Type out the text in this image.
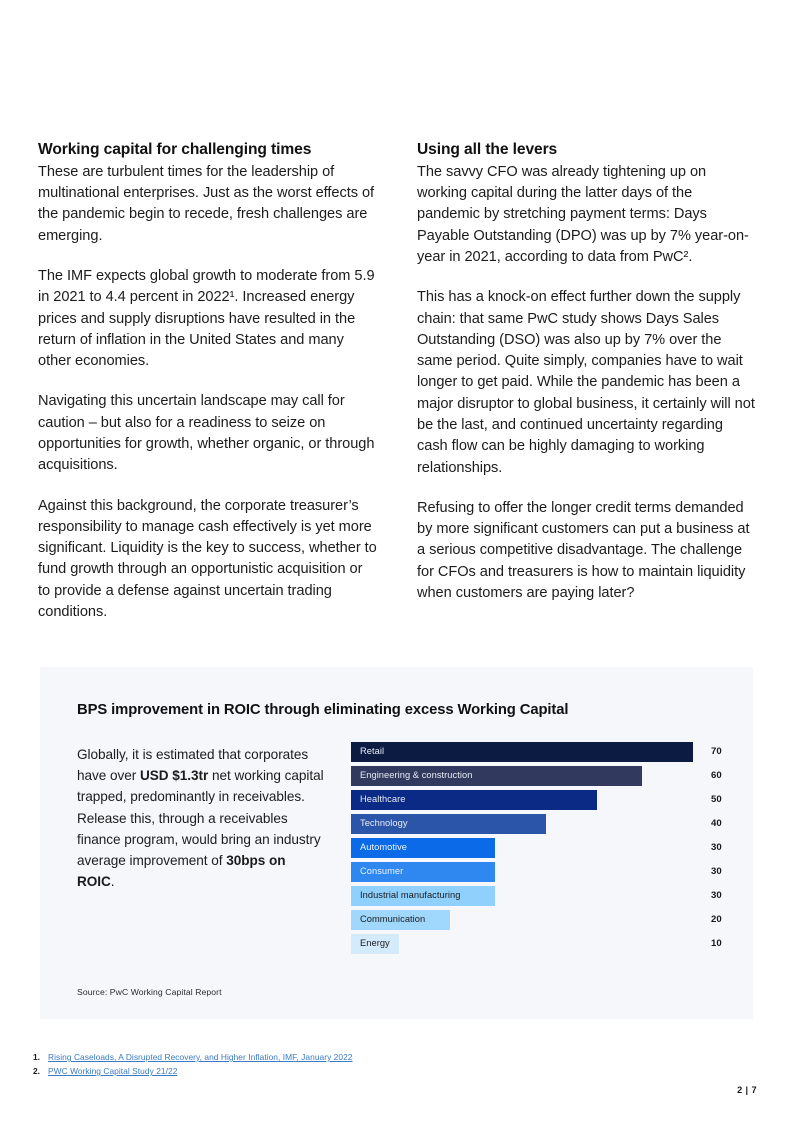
Working capital for challenging times

These are turbulent times for the leadership of multinational enterprises. Just as the worst effects of the pandemic begin to recede, fresh challenges are emerging.

The IMF expects global growth to moderate from 5.9 in 2021 to 4.4 percent in 2022¹. Increased energy prices and supply disruptions have resulted in the return of inflation in the United States and many other economies.

Navigating this uncertain landscape may call for caution – but also for a readiness to seize on opportunities for growth, whether organic, or through acquisitions.

Against this background, the corporate treasurer’s responsibility to manage cash effectively is yet more significant. Liquidity is the key to success, whether to fund growth through an opportunistic acquisition or to provide a defense against uncertain trading conditions.

Using all the levers

The savvy CFO was already tightening up on working capital during the latter days of the pandemic by stretching payment terms: Days Payable Outstanding (DPO) was up by 7% year-on-year in 2021, according to data from PwC².

This has a knock-on effect further down the supply chain: that same PwC study shows Days Sales Outstanding (DSO) was also up by 7% over the same period. Quite simply, companies have to wait longer to get paid. While the pandemic has been a major disruptor to global business, it certainly will not be the last, and continued uncertainty regarding cash flow can be highly damaging to working relationships.

Refusing to offer the longer credit terms demanded by more significant customers can put a business at a serious competitive disadvantage. The challenge for CFOs and treasurers is how to maintain liquidity when customers are paying later?

BPS improvement in ROIC through eliminating excess Working Capital
Globally, it is estimated that corporates have over USD $1.3tr net working capital trapped, predominantly in receivables. Release this, through a receivables finance program, would bring an industry average improvement of 30bps on ROIC.
Retail	70
Engineering & construction	60
Healthcare	50
Technology	40
Automotive	30
Consumer	30
Industrial manufacturing	30
Communication	20
Energy	10
Source: PwC Working Capital Report
1. Rising Caseloads, A Disrupted Recovery, and Higher Inflation, IMF, January 2022
2. PWC Working Capital Study 21/22
2 | 7
